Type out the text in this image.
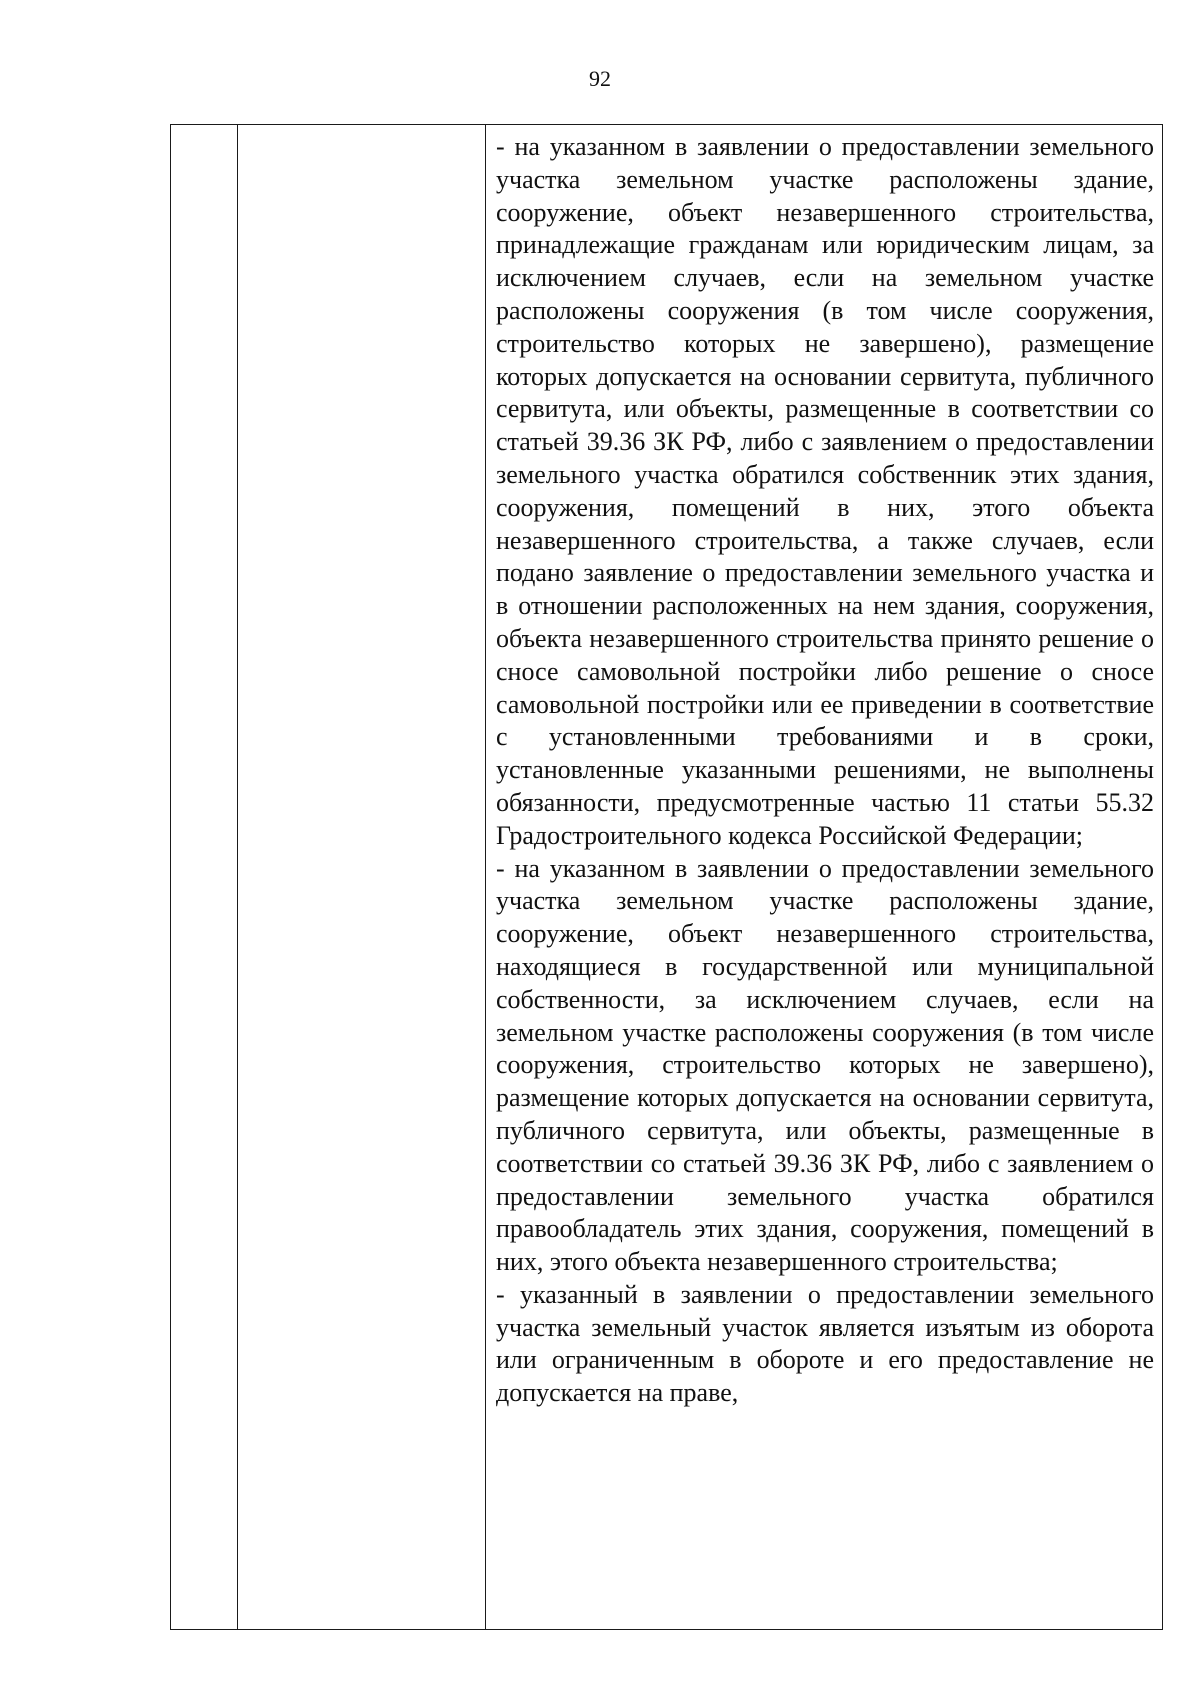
92

- на указанном в заявлении о предоставлении земельного участка земельном участке расположены здание, сооружение, объект незавершенного строительства, принадлежащие гражданам или юридическим лицам, за исключением случаев, если на земельном участке расположены сооружения (в том числе сооружения, строительство которых не завершено), размещение которых допускается на основании сервитута, публичного сервитута, или объекты, размещенные в соответствии со статьей 39.36 ЗК РФ, либо с заявлением о предоставлении земельного участка обратился собственник этих здания, сооружения, помещений в них, этого объекта незавершенного строительства, а также случаев, если подано заявление о предоставлении земельного участка и в отношении расположенных на нем здания, сооружения, объекта незавершенного строительства принято решение о сносе самовольной постройки либо решение о сносе самовольной постройки или ее приведении в соответствие с установленными требованиями и в сроки, установленные указанными решениями, не выполнены обязанности, предусмотренные частью 11 статьи 55.32 Градостроительного кодекса Российской Федерации;

- на указанном в заявлении о предоставлении земельного участка земельном участке расположены здание, сооружение, объект незавершенного строительства, находящиеся в государственной или муниципальной собственности, за исключением случаев, если на земельном участке расположены сооружения (в том числе сооружения, строительство которых не завершено), размещение которых допускается на основании сервитута, публичного сервитута, или объекты, размещенные в соответствии со статьей 39.36 ЗК РФ, либо с заявлением о предоставлении земельного участка обратился правообладатель этих здания, сооружения, помещений в них, этого объекта незавершенного строительства;

- указанный в заявлении о предоставлении земельного участка земельный участок является изъятым из оборота или ограниченным в обороте и его предоставление не допускается на праве,
